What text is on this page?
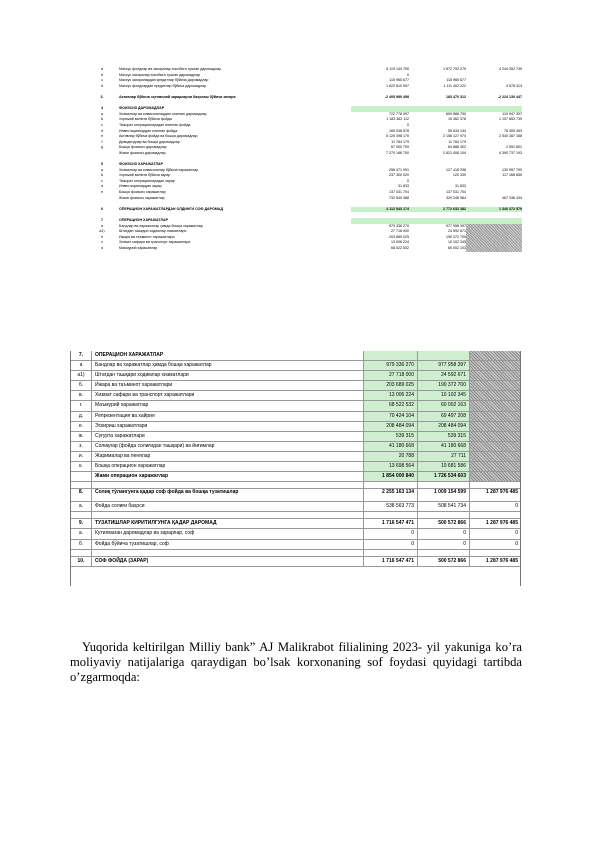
a	Махсус фондлар ва захиралар хисобига тушган даромадлар	5 119 144 790	1 872 792 279	4 244 352 739
b	Махсус захиралар хисобига тушган даромадлар	0
c	Махсус захиралардан кредитлар бўйича даромадлар	115 965 677	115 965 677
d	Махсус фондлардан кредитлар бўйича даромадлар	1 622 610 097	1 111 402 222	4 578 313
3.	Активлар бўйича эҳтимолий зарарларни баҳолаш бўйича захира	-2 405 989 498	183 470 312	-2 224 130 447
4	ФОИЗСИЗ ДАРОМАДЛАР
a	Хизматлар ва комиссиялардан олинган даромадлар	722 778 097	600 888 790	119 947 307
b	Хорижий валюта бўйича фойда	1 183 362 112	15 362 378	1 107 853 739
c	Тижорат операцияларидан олинган фойда	0
d	Инвестициялардан олинган фойда	165 038 578	55 634 134	78 405 453
e	Активлар бўйича фойда ва бошқа даромадлар	5 120 398 170	2 156 127 974	2 540 387 188
f	Дивидендлар ва бошқа даромадлар	11 784 179	11 784 179
g	Бошқа фоизсиз даромадлар	67 000 709	64 888 302	2 592 801
Жами фоизсиз даромадлар	7 270 166 700	2 821 408 104	4 390 737 193
5	ФОИЗСИЗ ХАРАЖАТЛАР
a	Хизматлар ва комиссиялар бўйича харажатлар	256 471 091	127 418 298	130 557 790
b	Хорижий валюта бўйича зарар	237 300 020	120 339	117 168 655
c	Тижорат операцияларидан зарар	0
d	Инвестициялардан зарар	31 833	31 833
e	Бошқа фоизсиз харажатлар	137 031 704	137 031 704
Жами фоизсиз харажатлар	732 540 368	320 246 984	467 336 434
6	ОПЕРАЦИОН ХАРАЖАТЛАРДАН ОЛДИНГИ СОФ ДАРОМАД	4 112 543 174	2 772 632 382	1 340 372 579
7	ОПЕРАЦИОН ХАРАЖАТЛАР
a	Бандлар ва харажатлар ҳамда бошқа харажатлар	979 336 270	977 958 397
a1)	Штатдан ташқари ходимлар хизматлари	27 718 000	24 592 671
b	Ижара ва таъминот харажатлари	203 689 025	190 372 700
c	Хизмат сафари ва транспорт харажатлари	13 006 224	10 102 345
d	Маъмурий харажатлар	68 522 532	60 002 103
7.	ОПЕРАЦИОН ХАРАЖАТЛАР
a	Бандлар ва харажатлар ҳамда бошқа харажатлар	979 336 270	977 958 397
a1)	Штатдан ташқари ходимлар хизматлари	27 718 000	24 592 671
б.	Ижара ва таъминот харажатлари	203 689 025	190 372 700
в.	Хизмат сафари ва транспорт харажатлари	13 006 224	10 102 345
г.	Маъмурий харажатлар	68 522 532	60 002 163
д.	Репрезентация ва хайрия	70 424 104	69 497 208
е.	Эскириш харажатлари	208 484 094	208 484 094
ж.	Суғурта харажатлари	539 315	539 315
з.	Солиқлар (фойда солиғидан ташқари) ва йиғимлар	41 180 668	41 180 668
и.	Жарималар ва пенялар	20 788	27 711
к.	Бошқа операцион харажатлар	13 698 564	10 681 586
Жами операцион харажатлар	1 854 000 840	1 726 534 603
8.	Солиқ тўлангунга қадар соф фойда ва бошқа тузатишлар	2 255 163 134	1 009 154 599	1 287 976 485
а.	Фойда солиғи баҳоси	538 563 773	508 541 734	0
9.	ТУЗАТИШЛАР КИРИТИЛГУНГА ҚАДАР ДАРОМАД	1 716 547 471	500 572 866	1 287 976 485
а.	Кутилмаган даромадлар ва зарарлар, соф	0	0	0
б.	Фойда бўйича тузатишлар, соф	0	0	0
10.	СОФ ФОЙДА (ЗАРАР)	1 716 547 471	500 572 866	1 287 976 485

Yuqorida keltirilgan Milliy bank” AJ Malikrabot filialining 2023- yil yakuniga ko’ra moliyaviy natijalariga qaraydigan bo’lsak korxonaning sof foydasi quyidagi tartibda o’zgarmoqda:
